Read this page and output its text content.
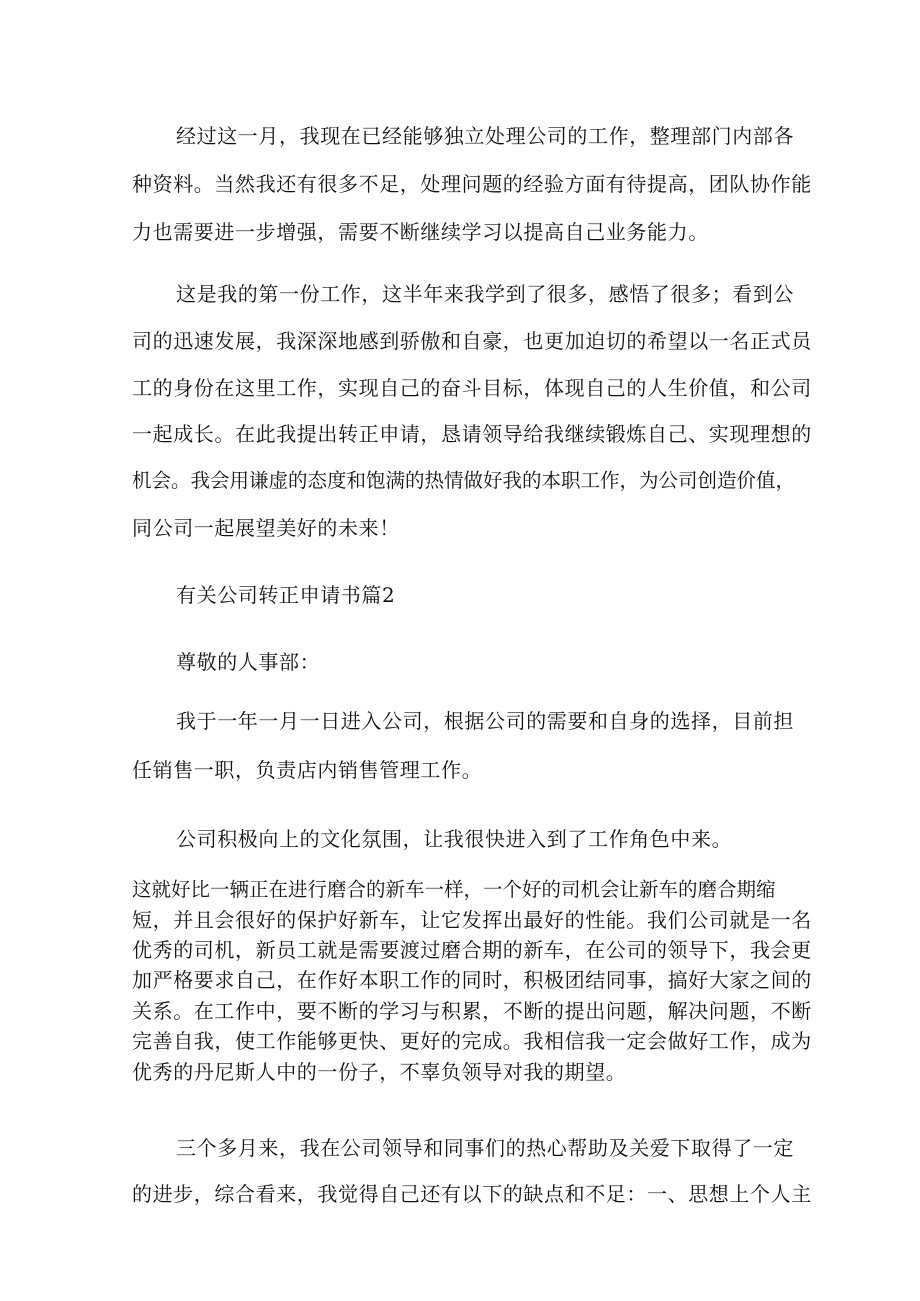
经过这一月，我现在已经能够独立处理公司的工作，整理部门内部各

种资料。当然我还有很多不足，处理问题的经验方面有待提高，团队协作能

力也需要进一步增强，需要不断继续学习以提高自己业务能力。

这是我的第一份工作，这半年来我学到了很多，感悟了很多；看到公

司的迅速发展，我深深地感到骄傲和自豪，也更加迫切的希望以一名正式员

工的身份在这里工作，实现自己的奋斗目标，体现自己的人生价值，和公司

一起成长。在此我提出转正申请，恳请领导给我继续锻炼自己、实现理想的

机会。我会用谦虚的态度和饱满的热情做好我的本职工作，为公司创造价值，

同公司一起展望美好的未来！

有关公司转正申请书篇2

尊敬的人事部：

我于一年一月一日进入公司，根据公司的需要和自身的选择，目前担

任销售一职，负责店内销售管理工作。

公司积极向上的文化氛围，让我很快进入到了工作角色中来。

这就好比一辆正在进行磨合的新车一样，一个好的司机会让新车的磨合期缩

短，并且会很好的保护好新车，让它发挥出最好的性能。我们公司就是一名

优秀的司机，新员工就是需要渡过磨合期的新车，在公司的领导下，我会更

加严格要求自己，在作好本职工作的同时，积极团结同事，搞好大家之间的

关系。在工作中，要不断的学习与积累，不断的提出问题，解决问题，不断

完善自我，使工作能够更快、更好的完成。我相信我一定会做好工作，成为

优秀的丹尼斯人中的一份子，不辜负领导对我的期望。

三个多月来，我在公司领导和同事们的热心帮助及关爱下取得了一定

的进步，综合看来，我觉得自己还有以下的缺点和不足：一、思想上个人主
